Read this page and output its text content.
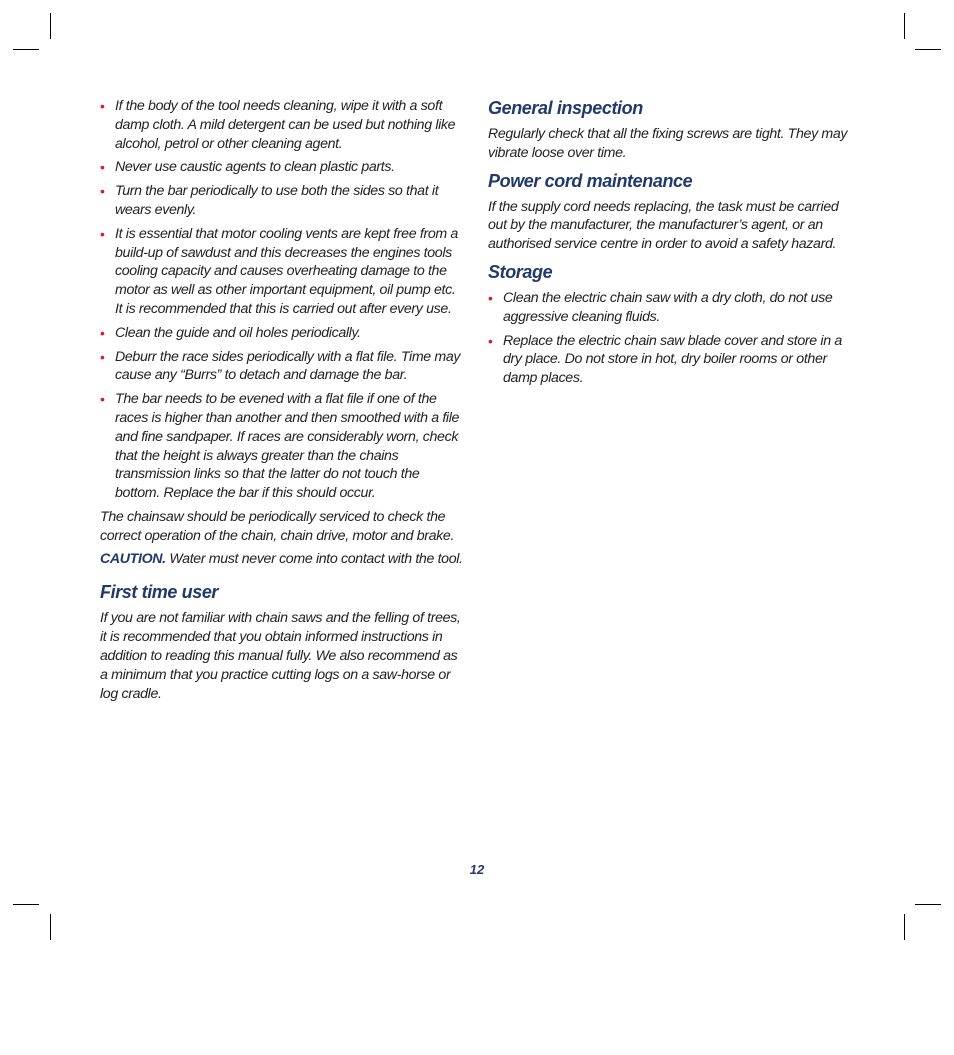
• If the body of the tool needs cleaning, wipe it with a soft damp cloth. A mild detergent can be used but nothing like alcohol, petrol or other cleaning agent.
• Never use caustic agents to clean plastic parts.
• Turn the bar periodically to use both the sides so that it wears evenly.
• It is essential that motor cooling vents are kept free from a build-up of sawdust and this decreases the engines tools cooling capacity and causes overheating damage to the motor as well as other important equipment, oil pump etc. It is recommended that this is carried out after every use.
• Clean the guide and oil holes periodically.
• Deburr the race sides periodically with a flat file. Time may cause any “Burrs” to detach and damage the bar.
• The bar needs to be evened with a flat file if one of the races is higher than another and then smoothed with a file and fine sandpaper. If races are considerably worn, check that the height is always greater than the chains transmission links so that the latter do not touch the bottom. Replace the bar if this should occur.

The chainsaw should be periodically serviced to check the correct operation of the chain, chain drive, motor and brake.

CAUTION. Water must never come into contact with the tool.

First time user

If you are not familiar with chain saws and the felling of trees, it is recommended that you obtain informed instructions in addition to reading this manual fully. We also recommend as a minimum that you practice cutting logs on a saw-horse or log cradle.

General inspection

Regularly check that all the fixing screws are tight. They may vibrate loose over time.

Power cord maintenance

If the supply cord needs replacing, the task must be carried out by the manufacturer, the manufacturer’s agent, or an authorised service centre in order to avoid a safety hazard.

Storage
• Clean the electric chain saw with a dry cloth, do not use aggressive cleaning fluids.
• Replace the electric chain saw blade cover and store in a dry place. Do not store in hot, dry boiler rooms or other damp places.
12
